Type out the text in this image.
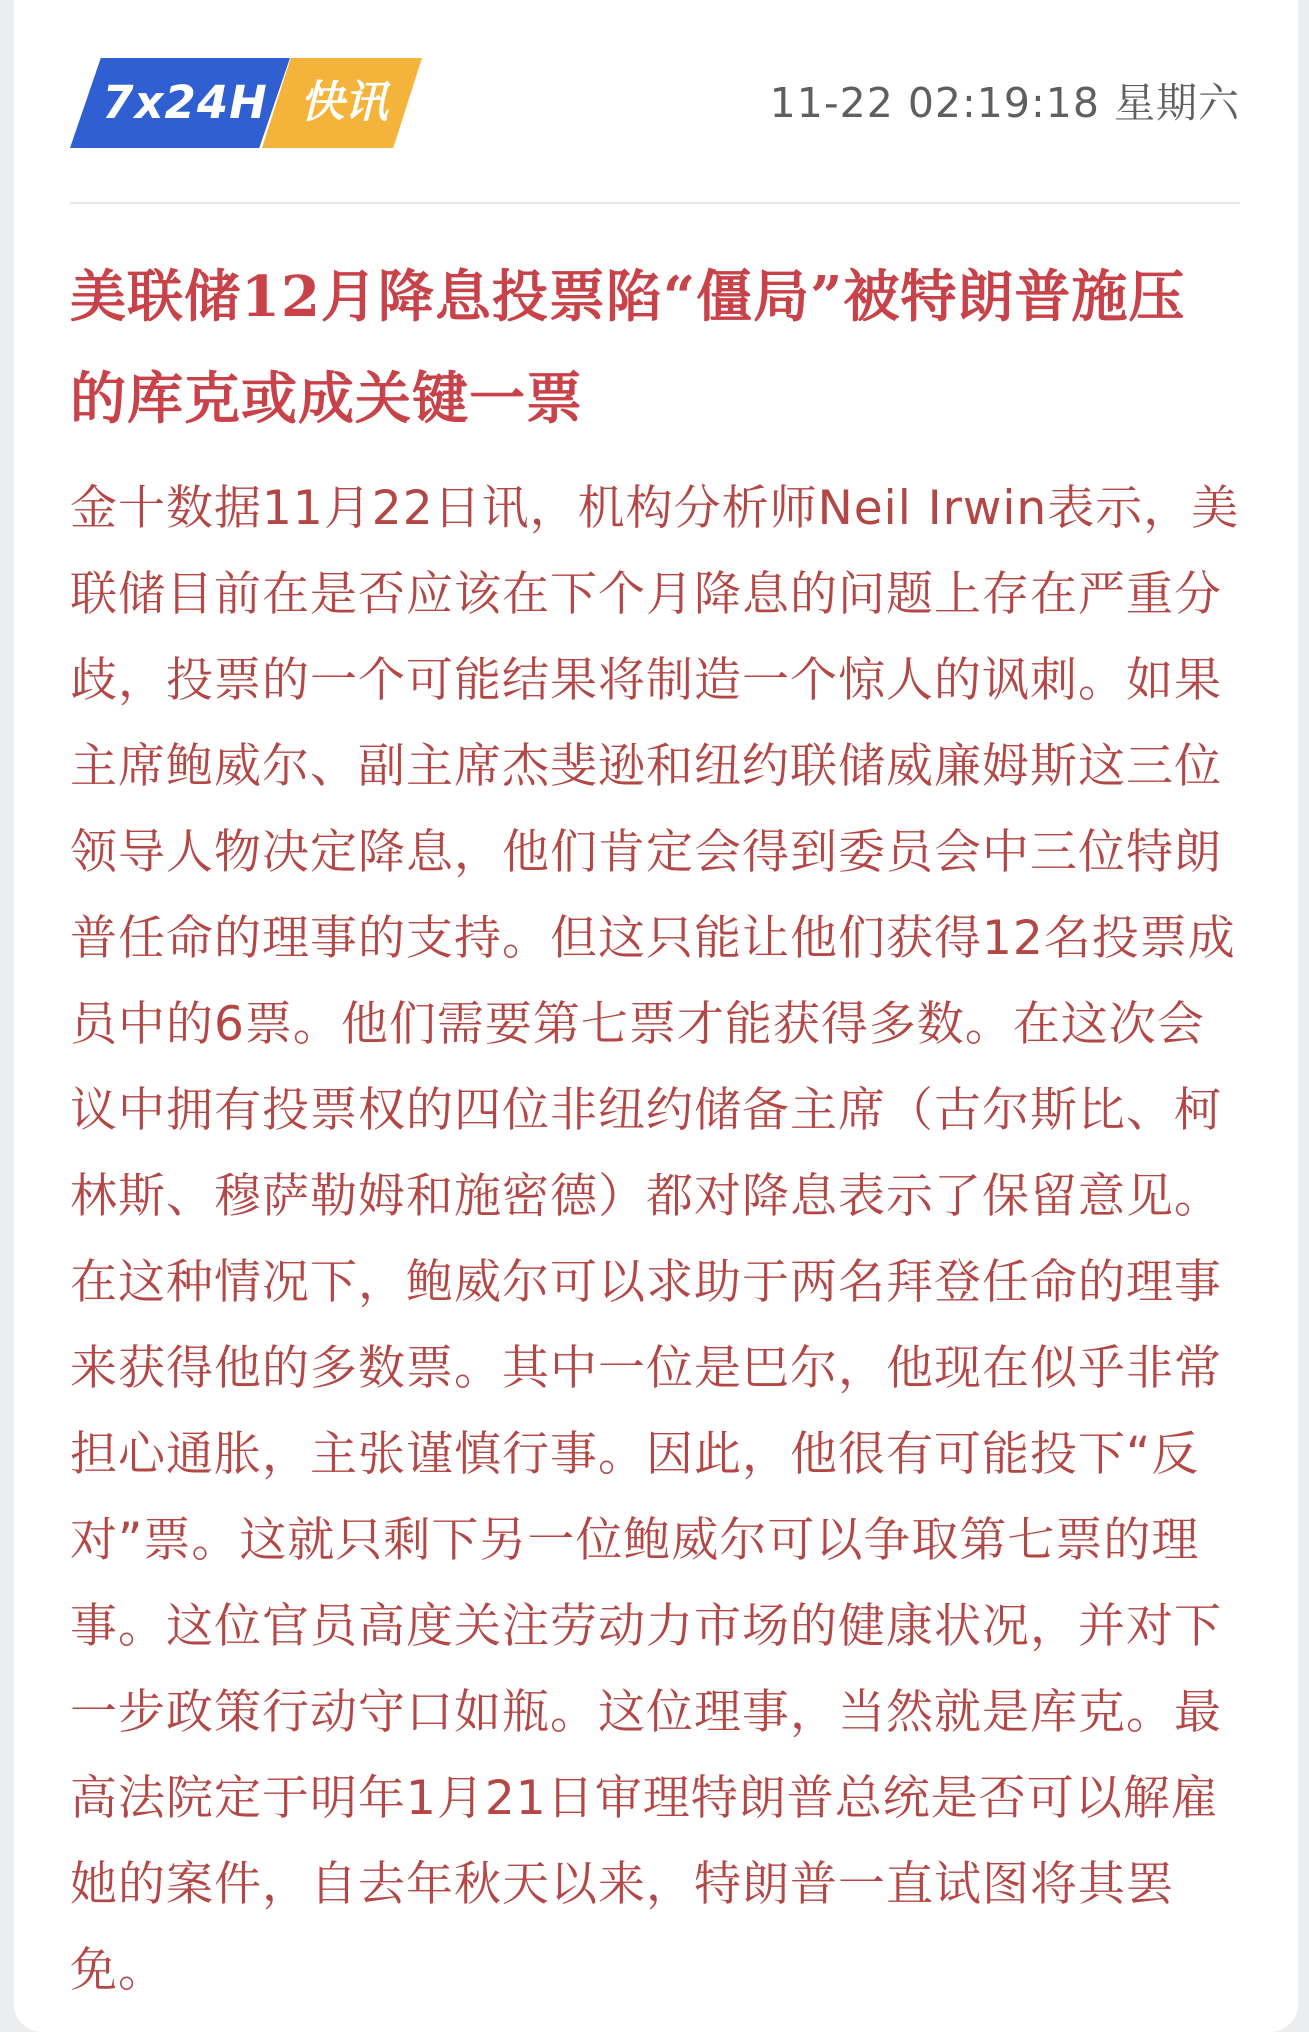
7x24H 快讯	11-22 02:19:18 星期六
美联储12月降息投票陷“僵局”被特朗普施压的库克或成关键一票

金十数据11月22日讯，机构分析师Neil Irwin表示，美联储目前在是否应该在下个月降息的问题上存在严重分歧，投票的一个可能结果将制造一个惊人的讽刺。如果主席鲍威尔、副主席杰斐逊和纽约联储威廉姆斯这三位领导人物决定降息，他们肯定会得到委员会中三位特朗普任命的理事的支持。但这只能让他们获得12名投票成员中的6票。他们需要第七票才能获得多数。在这次会议中拥有投票权的四位非纽约储备主席（古尔斯比、柯林斯、穆萨勒姆和施密德）都对降息表示了保留意见。在这种情况下，鲍威尔可以求助于两名拜登任命的理事来获得他的多数票。其中一位是巴尔，他现在似乎非常担心通胀，主张谨慎行事。因此，他很有可能投下“反对”票。这就只剩下另一位鲍威尔可以争取第七票的理事。这位官员高度关注劳动力市场的健康状况，并对下一步政策行动守口如瓶。这位理事，当然就是库克。最高法院定于明年1月21日审理特朗普总统是否可以解雇她的案件，自去年秋天以来，特朗普一直试图将其罢免。
